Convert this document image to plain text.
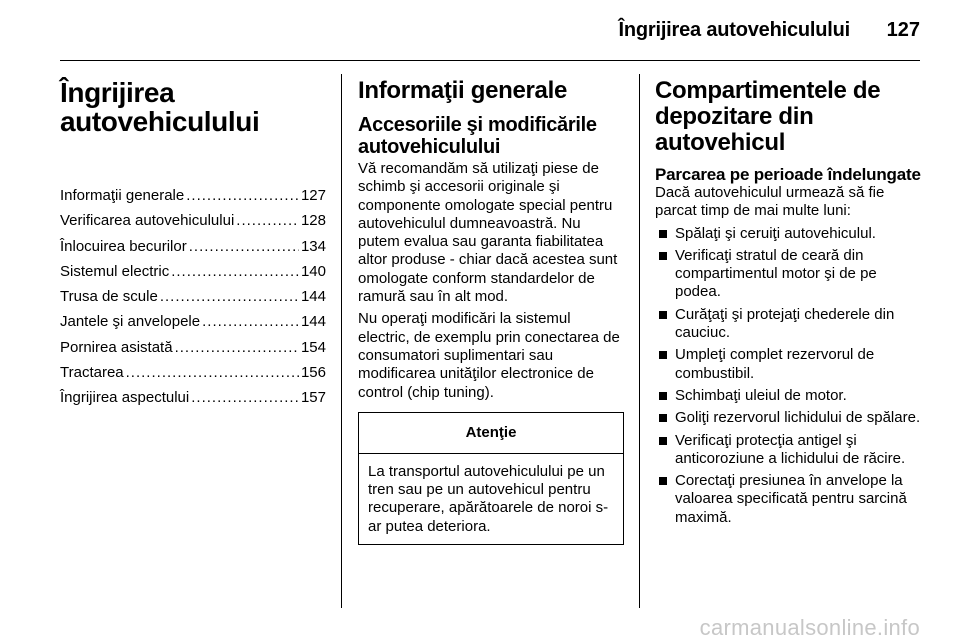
Îngrijirea autovehiculului 127
Îngrijirea
autovehiculului
Informaţii generale .....	127
Verificarea autovehiculului .....	128
Înlocuirea becurilor .....	134
Sistemul electric .....	140
Trusa de scule .....	144
Jantele şi anvelopele .....	144
Pornirea asistată .....	154
Tractarea .....	156
Îngrijirea aspectului .....	157
Informaţii generale
Accesoriile şi modificările autovehiculului

Vă recomandăm să utilizaţi piese de schimb şi accesorii originale şi componente omologate special pentru autovehiculul dumneavoastră. Nu putem evalua sau garanta fiabilitatea altor produse - chiar dacă acestea sunt omologate conform standardelor de ramură sau în alt mod.

Nu operaţi modificări la sistemul electric, de exemplu prin conectarea de consumatori suplimentari sau modificarea unităţilor electronice de control (chip tuning).

Atenţie
La transportul autovehiculului pe un tren sau pe un autovehicul pentru recuperare, apărătoarele de noroi s-ar putea deteriora.
Compartimentele de depozitare din autovehicul
Parcarea pe perioade îndelungate

Dacă autovehiculul urmează să fie parcat timp de mai multe luni:

Spălaţi şi ceruiţi autovehiculul.
Verificaţi stratul de ceară din compartimentul motor şi de pe podea.
Curăţaţi şi protejaţi chederele din cauciuc.
Umpleţi complet rezervorul de combustibil.
Schimbaţi uleiul de motor.
Goliţi rezervorul lichidului de spălare.
Verificaţi protecţia antigel şi anticoroziune a lichidului de răcire.
Corectaţi presiunea în anvelope la valoarea specificată pentru sarcină maximă.
carmanualsonline.info
